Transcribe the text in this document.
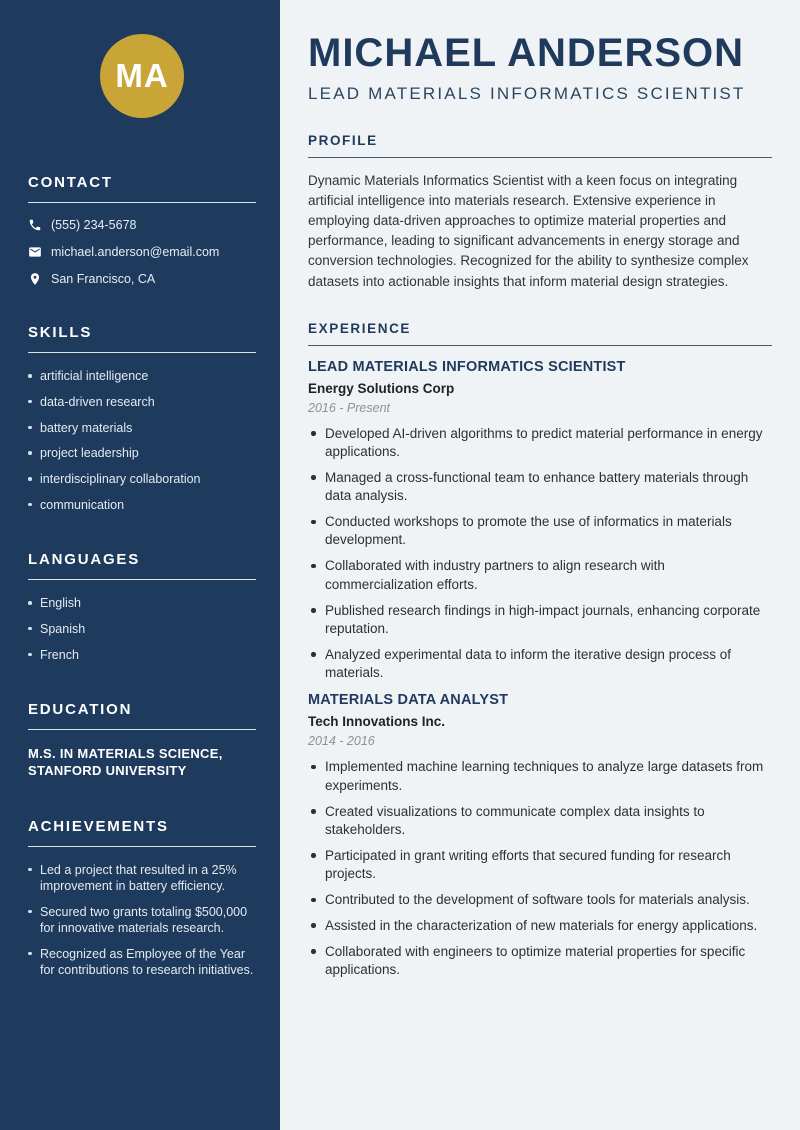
MA
CONTACT
(555) 234-5678
michael.anderson@email.com
San Francisco, CA
SKILLS
artificial intelligence
data-driven research
battery materials
project leadership
interdisciplinary collaboration
communication
LANGUAGES
English
Spanish
French
EDUCATION
M.S. IN MATERIALS SCIENCE, STANFORD UNIVERSITY
ACHIEVEMENTS
Led a project that resulted in a 25% improvement in battery efficiency.
Secured two grants totaling $500,000 for innovative materials research.
Recognized as Employee of the Year for contributions to research initiatives.
MICHAEL ANDERSON
LEAD MATERIALS INFORMATICS SCIENTIST
PROFILE

Dynamic Materials Informatics Scientist with a keen focus on integrating artificial intelligence into materials research. Extensive experience in employing data-driven approaches to optimize material properties and performance, leading to significant advancements in energy storage and conversion technologies. Recognized for the ability to synthesize complex datasets into actionable insights that inform material design strategies.

EXPERIENCE
LEAD MATERIALS INFORMATICS SCIENTIST
Energy Solutions Corp
2016 - Present
Developed AI-driven algorithms to predict material performance in energy applications.
Managed a cross-functional team to enhance battery materials through data analysis.
Conducted workshops to promote the use of informatics in materials development.
Collaborated with industry partners to align research with commercialization efforts.
Published research findings in high-impact journals, enhancing corporate reputation.
Analyzed experimental data to inform the iterative design process of materials.
MATERIALS DATA ANALYST
Tech Innovations Inc.
2014 - 2016
Implemented machine learning techniques to analyze large datasets from experiments.
Created visualizations to communicate complex data insights to stakeholders.
Participated in grant writing efforts that secured funding for research projects.
Contributed to the development of software tools for materials analysis.
Assisted in the characterization of new materials for energy applications.
Collaborated with engineers to optimize material properties for specific applications.
